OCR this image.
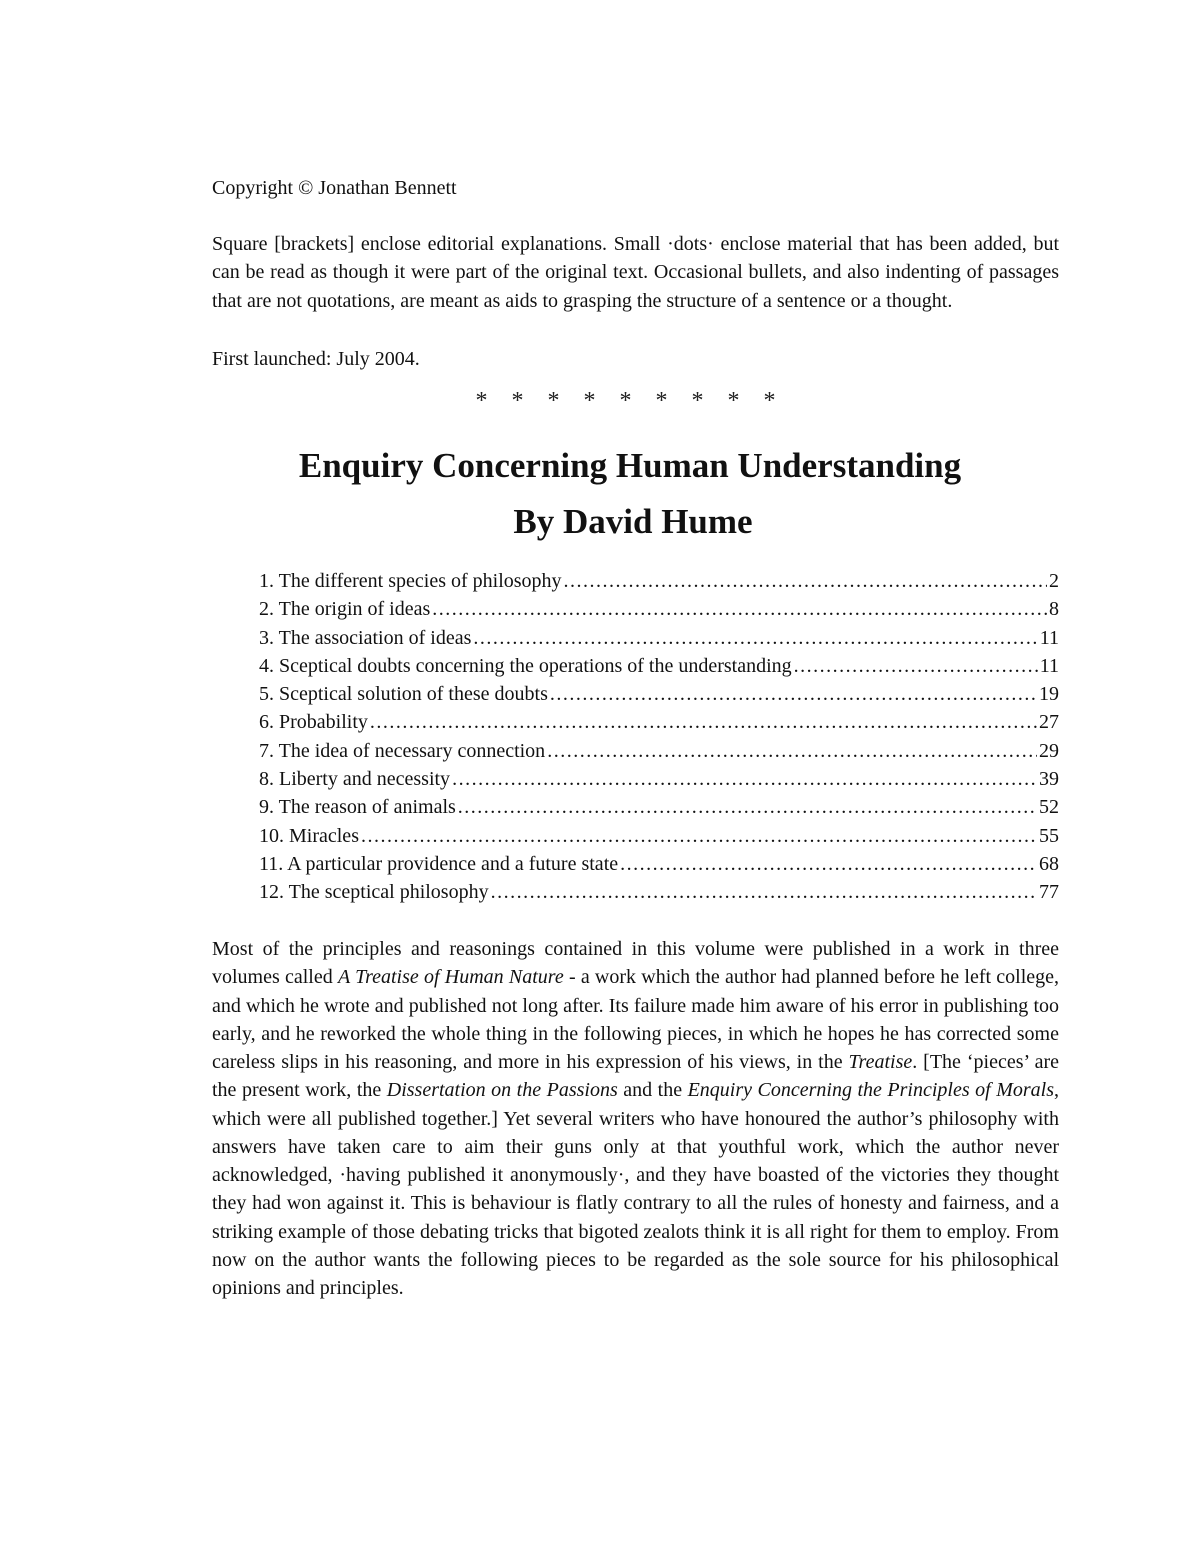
Copyright © Jonathan Bennett

Square [brackets] enclose editorial explanations. Small ·dots· enclose material that has been added, but can be read as though it were part of the original text. Occasional bullets, and also indenting of passages that are not quotations, are meant as aids to grasping the structure of a sentence or a thought.

First launched: July 2004.
* * * * * * * * *
Enquiry Concerning Human Understanding
By David Hume
1. The different species of philosophy .....	2
2. The origin of ideas .....	8
3. The association of ideas .....	11
4. Sceptical doubts concerning the operations of the understanding .....	11
5. Sceptical solution of these doubts .....	19
6. Probability .....	27
7. The idea of necessary connection .....	29
8. Liberty and necessity .....	39
9. The reason of animals .....	52
10. Miracles .....	55
11. A particular providence and a future state .....	68
12. The sceptical philosophy .....	77

Most of the principles and reasonings contained in this volume were published in a work in three volumes called A Treatise of Human Nature - a work which the author had planned before he left college, and which he wrote and published not long after. Its failure made him aware of his error in publishing too early, and he reworked the whole thing in the following pieces, in which he hopes he has corrected some careless slips in his reasoning, and more in his expression of his views, in the Treatise. [The ‘pieces’ are the present work, the Dissertation on the Passions and the Enquiry Concerning the Principles of Morals, which were all published together.] Yet several writers who have honoured the author’s philosophy with answers have taken care to aim their guns only at that youthful work, which the author never acknowledged, ·having published it anonymously·, and they have boasted of the victories they thought they had won against it. This is behaviour is flatly contrary to all the rules of honesty and fairness, and a striking example of those debating tricks that bigoted zealots think it is all right for them to employ. From now on the author wants the following pieces to be regarded as the sole source for his philosophical opinions and principles.
